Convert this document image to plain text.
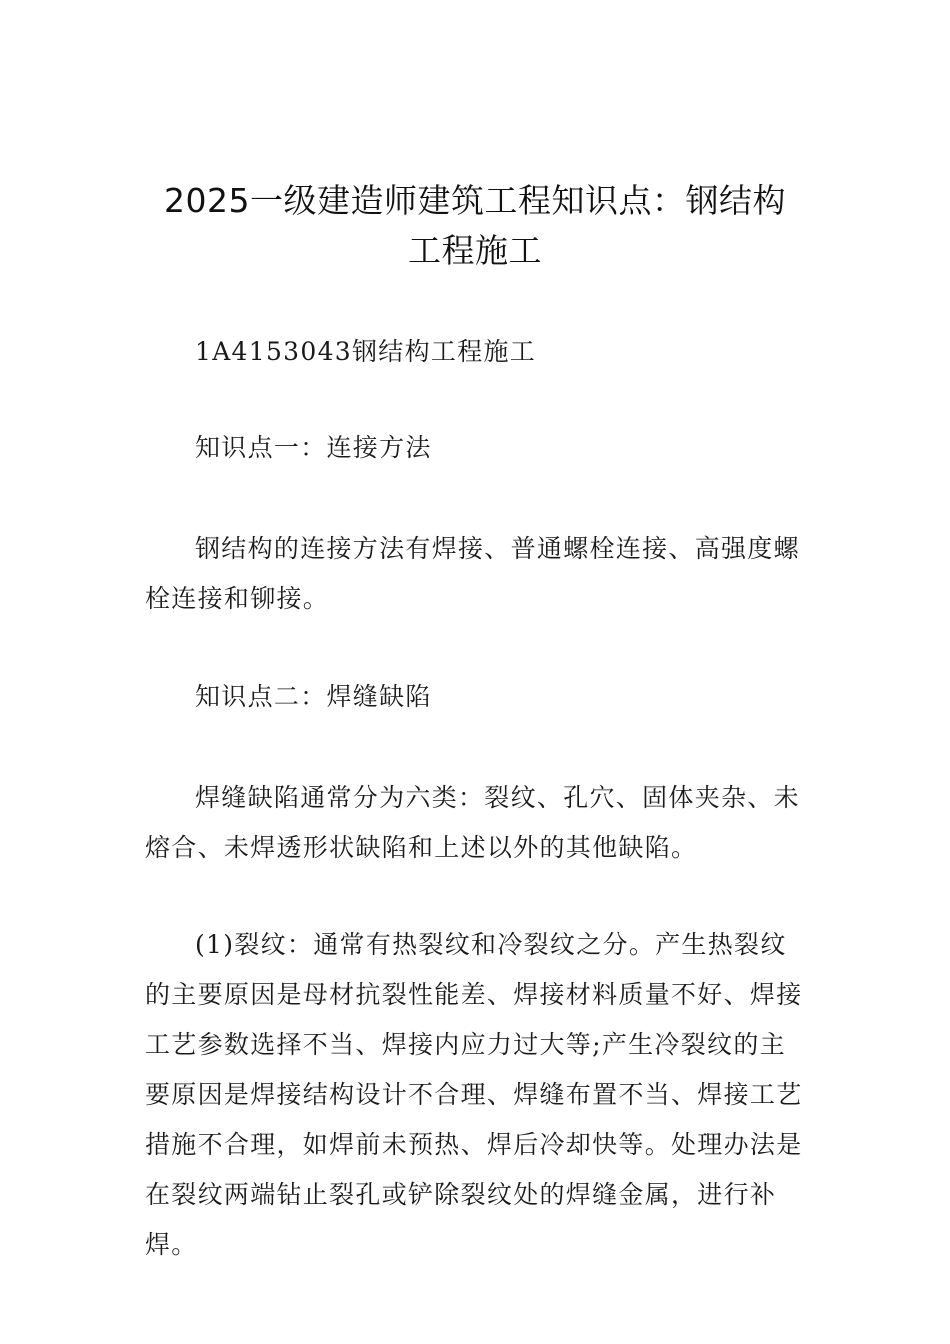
2025一级建造师建筑工程知识点：钢结构
工程施工

1A4153043钢结构工程施工

知识点一：连接方法

钢结构的连接方法有焊接、普通螺栓连接、高强度螺栓连接和铆接。

知识点二：焊缝缺陷

焊缝缺陷通常分为六类：裂纹、孔穴、固体夹杂、未熔合、未焊透形状缺陷和上述以外的其他缺陷。

(1)裂纹：通常有热裂纹和冷裂纹之分。产生热裂纹的主要原因是母材抗裂性能差、焊接材料质量不好、焊接工艺参数选择不当、焊接内应力过大等;产生冷裂纹的主要原因是焊接结构设计不合理、焊缝布置不当、焊接工艺措施不合理，如焊前未预热、焊后冷却快等。处理办法是在裂纹两端钻止裂孔或铲除裂纹处的焊缝金属，进行补焊。
